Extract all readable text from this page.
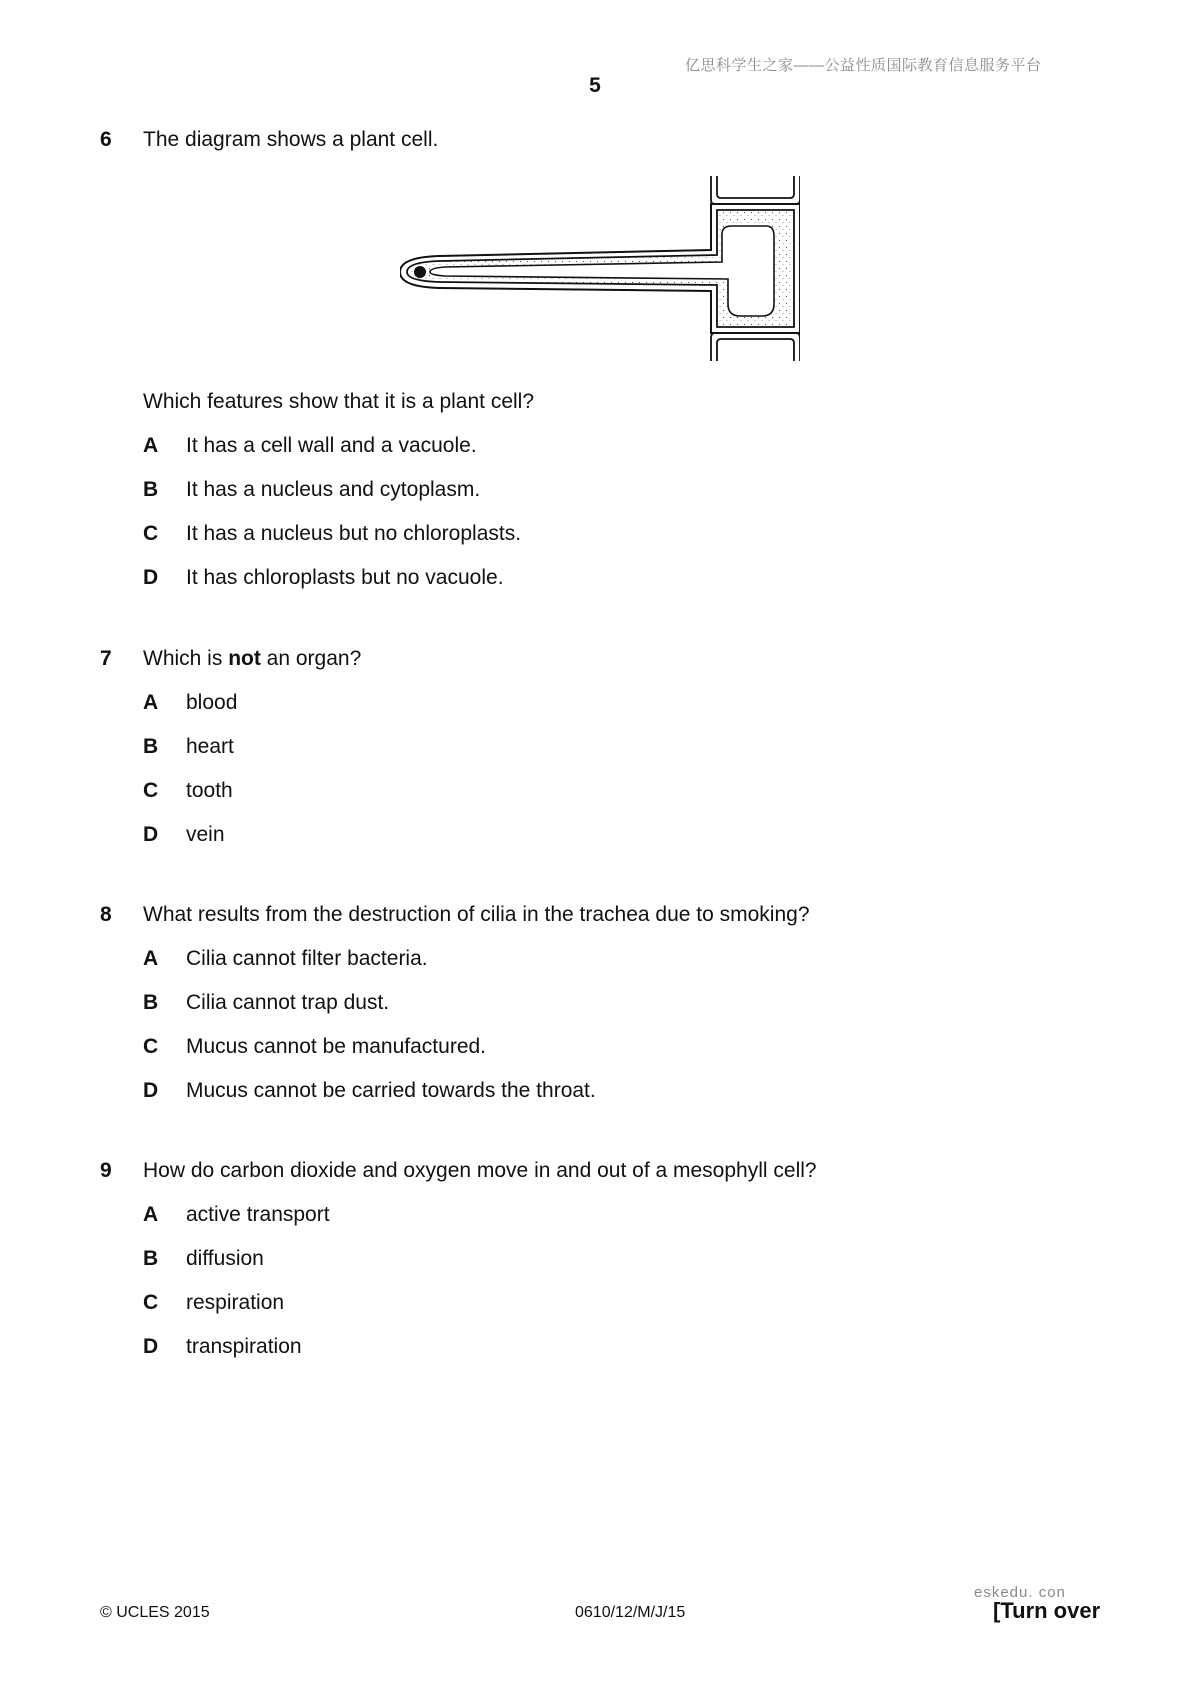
亿思科学生之家——公益性质国际教育信息服务平台
5
6 The diagram shows a plant cell.
Which features show that it is a plant cell?
A It has a cell wall and a vacuole.
B It has a nucleus and cytoplasm.
C It has a nucleus but no chloroplasts.
D It has chloroplasts but no vacuole.
7 Which is not an organ?
A blood
B heart
C tooth
D vein
8 What results from the destruction of cilia in the trachea due to smoking?
A Cilia cannot filter bacteria.
B Cilia cannot trap dust.
C Mucus cannot be manufactured.
D Mucus cannot be carried towards the throat.
9 How do carbon dioxide and oxygen move in and out of a mesophyll cell?
A active transport
B diffusion
C respiration
D transpiration
© UCLES 2015	0610/12/M/J/15
eskedu. con
[Turn over
